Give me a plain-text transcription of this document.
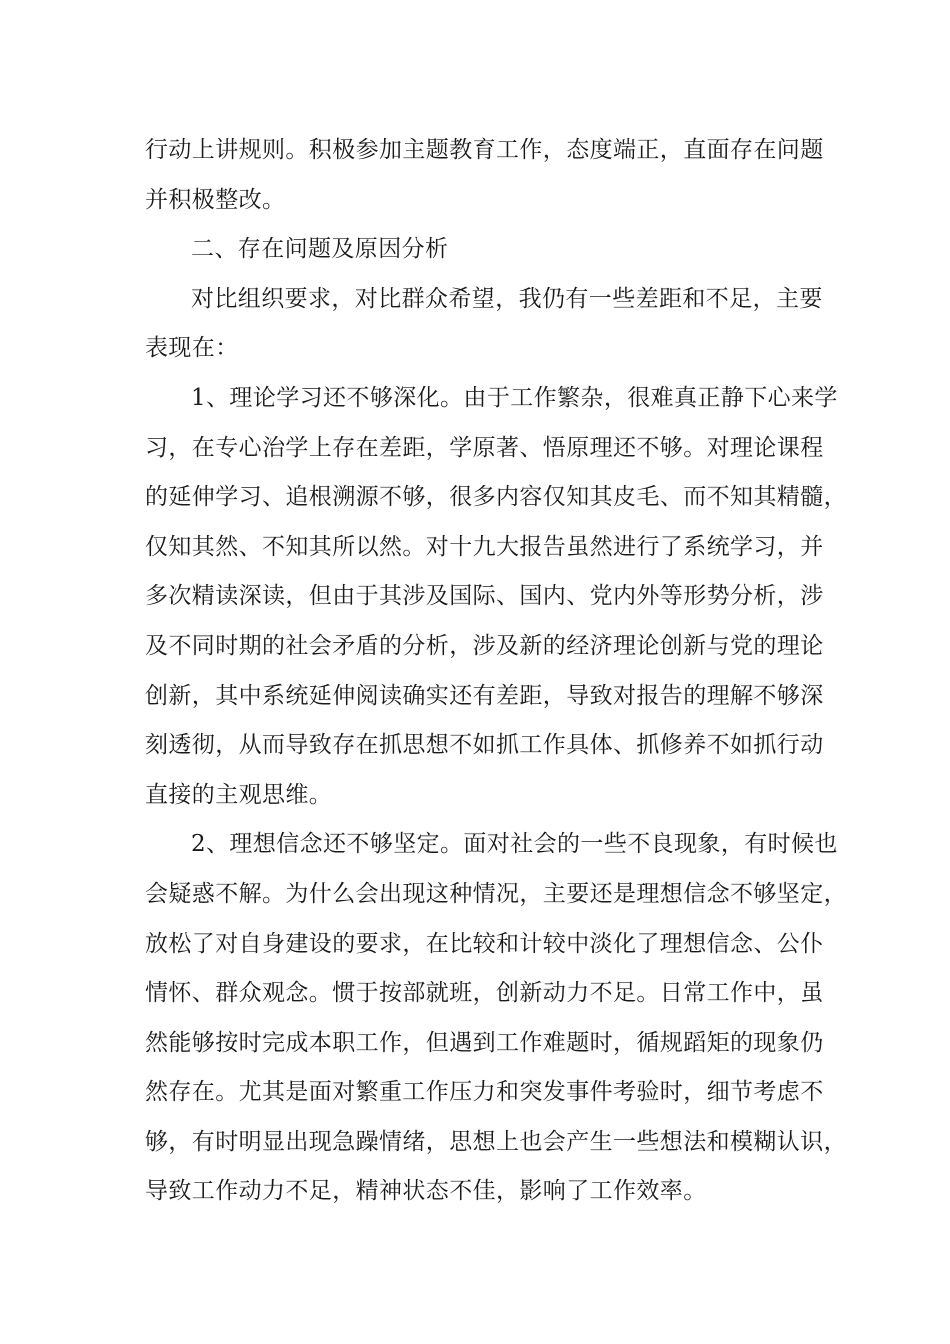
行动上讲规则。积极参加主题教育工作，态度端正，直面存在问题
并积极整改。
二、存在问题及原因分析
对比组织要求，对比群众希望，我仍有一些差距和不足，主要
表现在：
1、理论学习还不够深化。由于工作繁杂，很难真正静下心来学
习，在专心治学上存在差距，学原著、悟原理还不够。对理论课程
的延伸学习、追根溯源不够，很多内容仅知其皮毛、而不知其精髓，
仅知其然、不知其所以然。对十九大报告虽然进行了系统学习，并
多次精读深读，但由于其涉及国际、国内、党内外等形势分析，涉
及不同时期的社会矛盾的分析，涉及新的经济理论创新与党的理论
创新，其中系统延伸阅读确实还有差距，导致对报告的理解不够深
刻透彻，从而导致存在抓思想不如抓工作具体、抓修养不如抓行动
直接的主观思维。
2、理想信念还不够坚定。面对社会的一些不良现象，有时候也
会疑惑不解。为什么会出现这种情况，主要还是理想信念不够坚定，
放松了对自身建设的要求，在比较和计较中淡化了理想信念、公仆
情怀、群众观念。惯于按部就班，创新动力不足。日常工作中，虽
然能够按时完成本职工作，但遇到工作难题时，循规蹈矩的现象仍
然存在。尤其是面对繁重工作压力和突发事件考验时，细节考虑不
够，有时明显出现急躁情绪，思想上也会产生一些想法和模糊认识，
导致工作动力不足，精神状态不佳，影响了工作效率。
